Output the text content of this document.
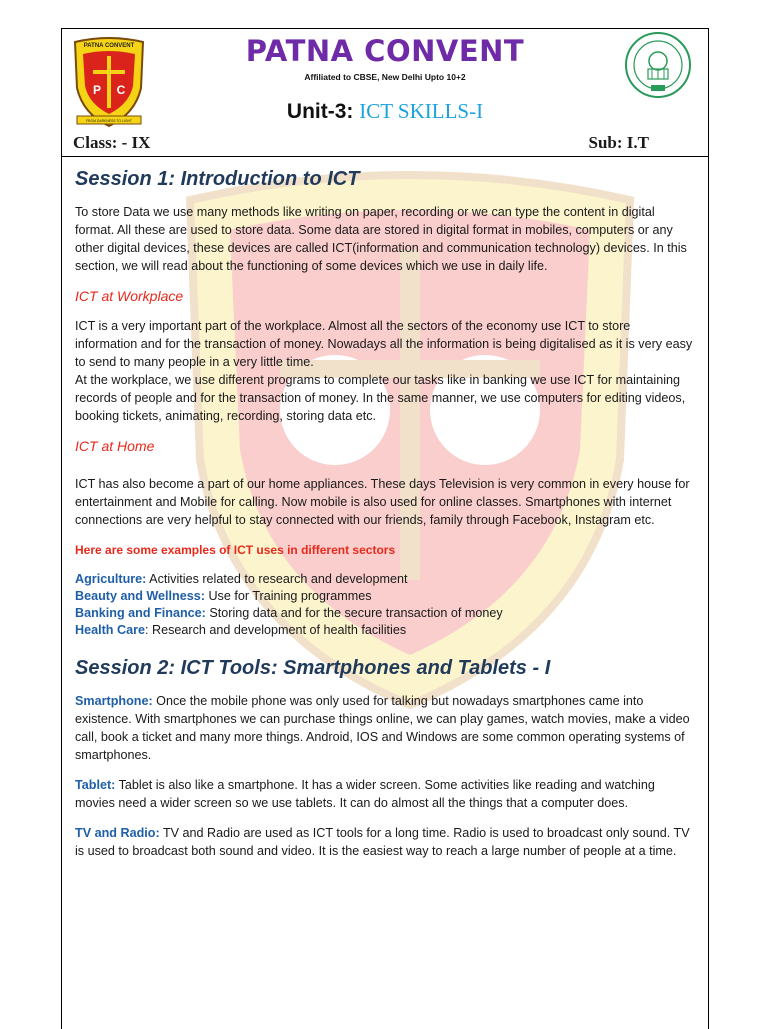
P C
PATNA CONVENT
FROM DARKNESS TO LIGHT
PATNA CONVENT
Affiliated to CBSE, New Delhi Upto 10+2
Unit-3: ICT SKILLS-I
Class: - IX	Sub: I.T
Session 1: Introduction to ICT

To store Data we use many methods like writing on paper, recording or we can type the content in digital format. All these are used to store data. Some data are stored in digital format in mobiles, computers or any other digital devices, these devices are called ICT(information and communication technology) devices. In this section, we will read about the functioning of some devices which we use in daily life.

ICT at Workplace

ICT is a very important part of the workplace. Almost all the sectors of the economy use ICT to store information and for the transaction of money. Nowadays all the information is being digitalised as it is very easy to send to many people in a very little time.

At the workplace, we use different programs to complete our tasks like in banking we use ICT for maintaining records of people and for the transaction of money. In the same manner, we use computers for editing videos, booking tickets, animating, recording, storing data etc.

ICT at Home

ICT has also become a part of our home appliances. These days Television is very common in every house for entertainment and Mobile for calling. Now mobile is also used for online classes. Smartphones with internet connections are very helpful to stay connected with our friends, family through Facebook, Instagram etc.

Here are some examples of ICT uses in different sectors
Agriculture: Activities related to research and development
Beauty and Wellness: Use for Training programmes
Banking and Finance: Storing data and for the secure transaction of money
Health Care: Research and development of health facilities
Session 2: ICT Tools: Smartphones and Tablets - I

Smartphone: Once the mobile phone was only used for talking but nowadays smartphones came into existence. With smartphones we can purchase things online, we can play games, watch movies, make a video call, book a ticket and many more things. Android, IOS and Windows are some common operating systems of smartphones.

Tablet: Tablet is also like a smartphone. It has a wider screen. Some activities like reading and watching movies need a wider screen so we use tablets. It can do almost all the things that a computer does.

TV and Radio: TV and Radio are used as ICT tools for a long time. Radio is used to broadcast only sound. TV is used to broadcast both sound and video. It is the easiest way to reach a large number of people at a time.
